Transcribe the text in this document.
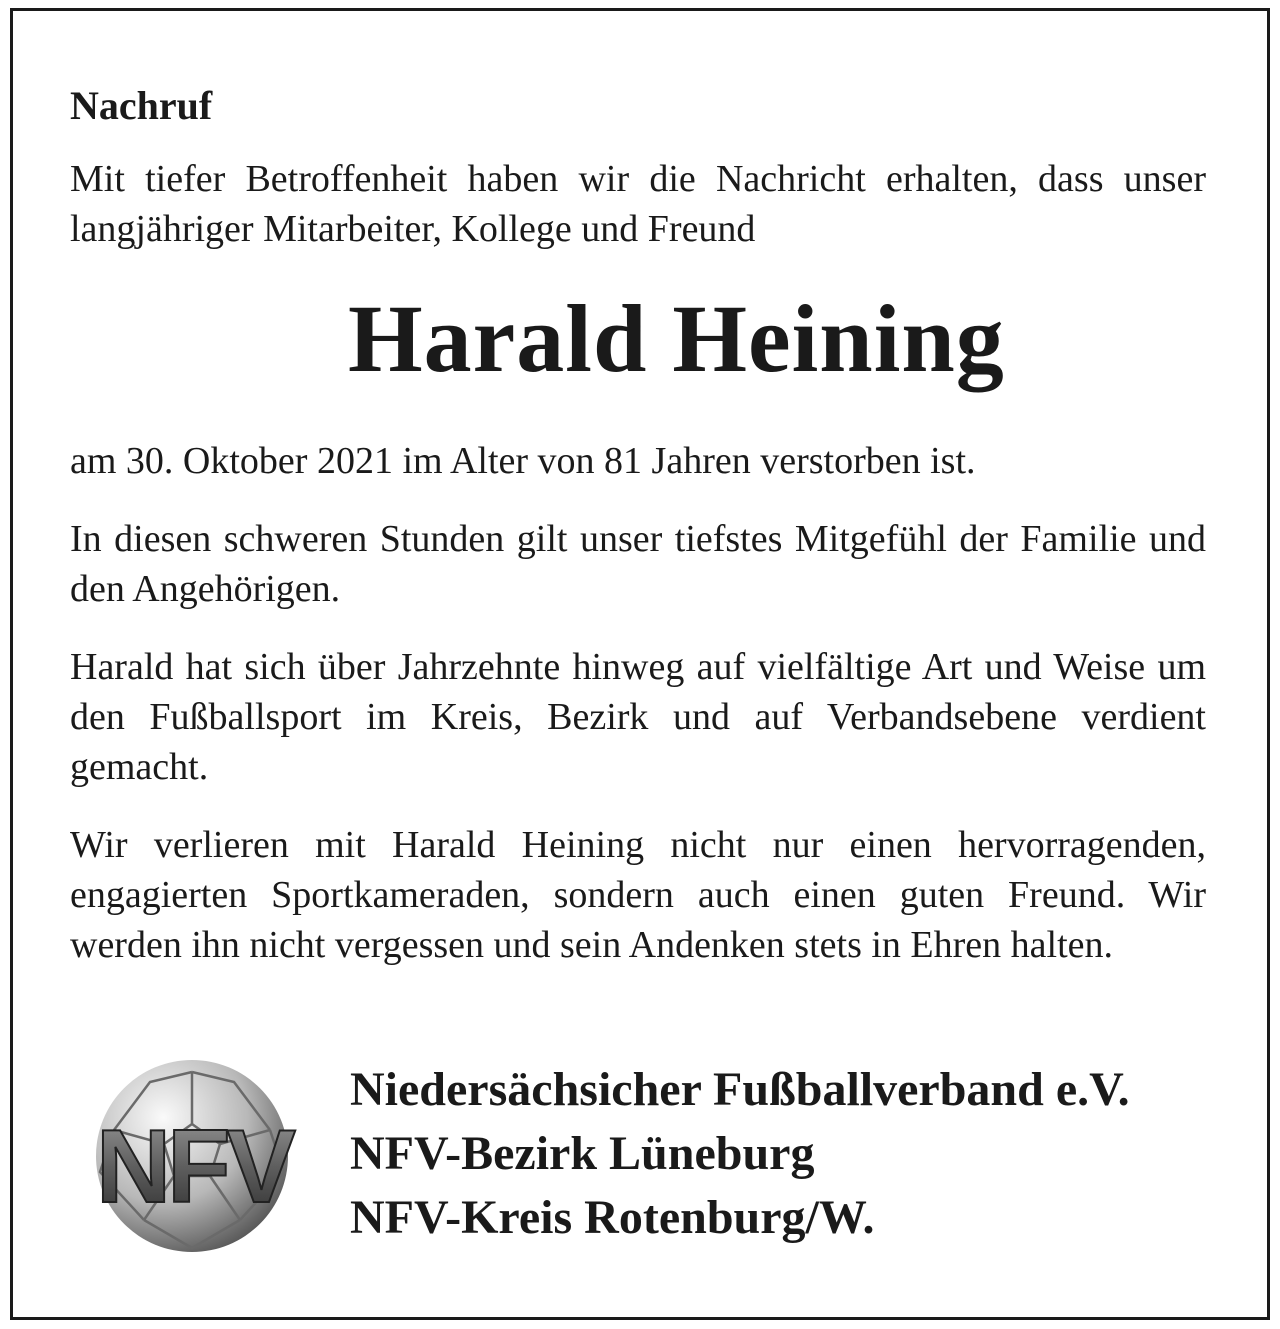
Nachruf

Mit tiefer Betroffenheit haben wir die Nachricht erhalten, dass unser langjähriger Mitarbeiter, Kollege und Freund

Harald Heining

am 30. Oktober 2021 im Alter von 81 Jahren verstorben ist.

In diesen schweren Stunden gilt unser tiefstes Mitgefühl der Familie und den Angehörigen.

Harald hat sich über Jahrzehnte hinweg auf vielfältige Art und Weise um den Fußballsport im Kreis, Bezirk und auf Verbandsebene verdient gemacht.

Wir verlieren mit Harald Heining nicht nur einen hervorragenden, engagierten Sportkameraden, sondern auch einen guten Freund. Wir werden ihn nicht vergessen und sein Andenken stets in Ehren halten.

NFV
Niedersächsicher Fußballverband e.V.
NFV-Bezirk Lüneburg
NFV-Kreis Rotenburg/W.
